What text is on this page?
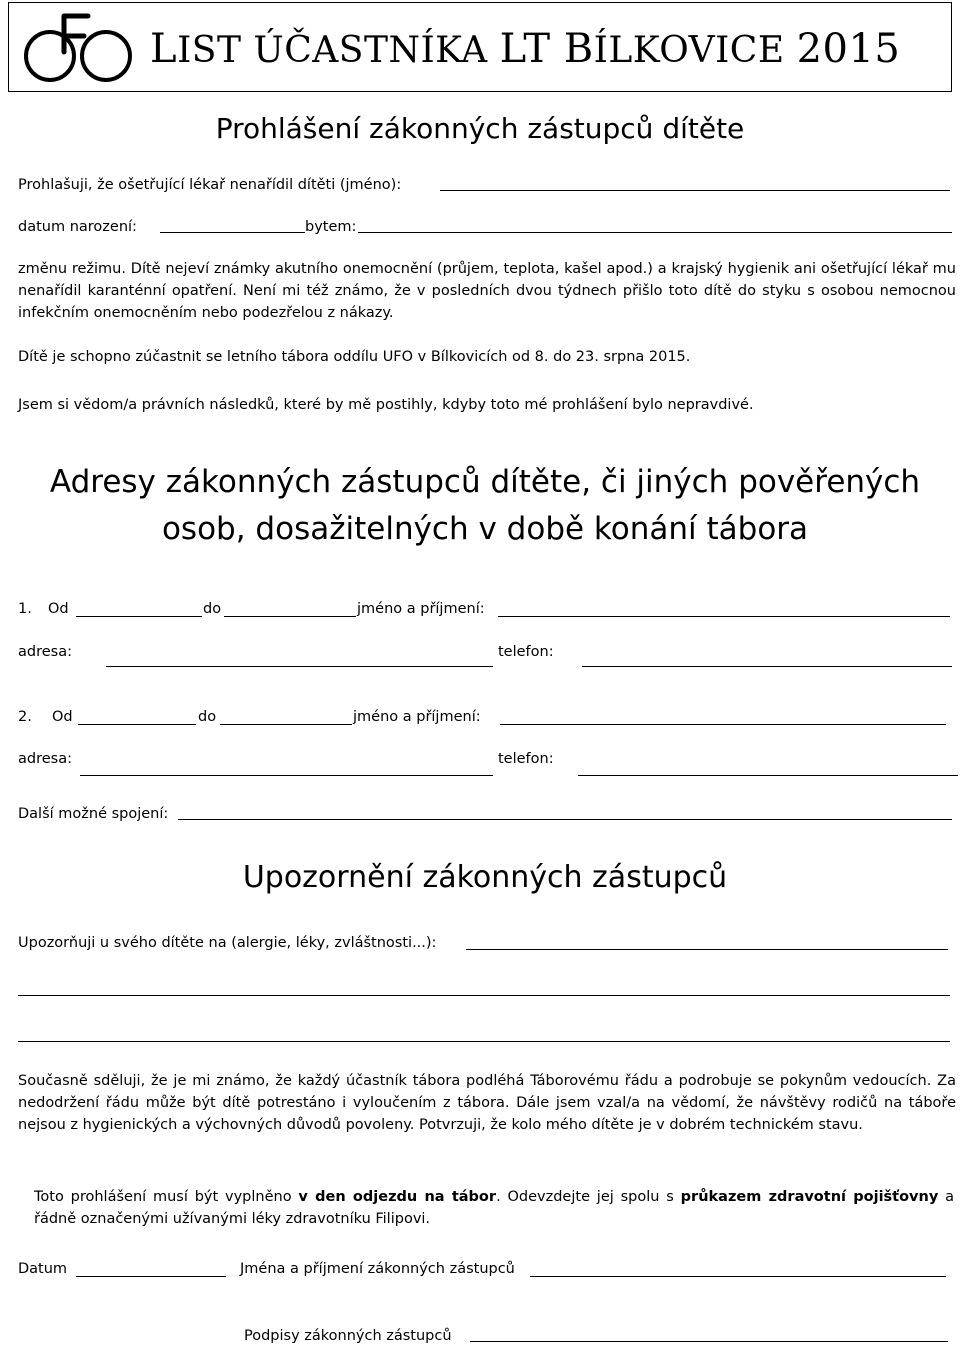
LIST ÚČASTNÍKA LT BÍLKOVICE 2015
Prohlášení zákonných zástupců dítěte
Prohlašuji, že ošetřující lékař nenařídil dítěti (jméno):
datum narození:	bytem:
změnu režimu. Dítě nejeví známky akutního onemocnění (průjem, teplota, kašel apod.) a krajský hygienik ani ošetřující lékař mu nenařídil karanténní opatření. Není mi též známo, že v posledních dvou týdnech přišlo toto dítě do styku s osobou nemocnou infekčním onemocněním nebo podezřelou z nákazy.
Dítě je schopno zúčastnit se letního tábora oddílu UFO v Bílkovicích od 8. do 23. srpna 2015.
Jsem si vědom/a právních následků, které by mě postihly, kdyby toto mé prohlášení bylo nepravdivé.
Adresy zákonných zástupců dítěte, či jiných pověřených
osob, dosažitelných v době konání tábora
1. Od	do	jméno a příjmení:
adresa:	telefon:
2. Od	do	jméno a příjmení:
adresa:	telefon:
Další možné spojení:
Upozornění zákonných zástupců
Upozorňuji u svého dítěte na (alergie, léky, zvláštnosti...):
Současně sděluji, že je mi známo, že každý účastník tábora podléhá Táborovému řádu a podrobuje se pokynům vedoucích. Za nedodržení řádu může být dítě potrestáno i vyloučením z tábora. Dále jsem vzal/a na vědomí, že návštěvy rodičů na táboře nejsou z hygienických a výchovných důvodů povoleny. Potvrzuji, že kolo mého dítěte je v dobrém technickém stavu.
Toto prohlášení musí být vyplněno v den odjezdu na tábor. Odevzdejte jej spolu s průkazem zdravotní pojišťovny a řádně označenými užívanými léky zdravotníku Filipovi.
Datum	Jména a příjmení zákonných zástupců
Podpisy zákonných zástupců
